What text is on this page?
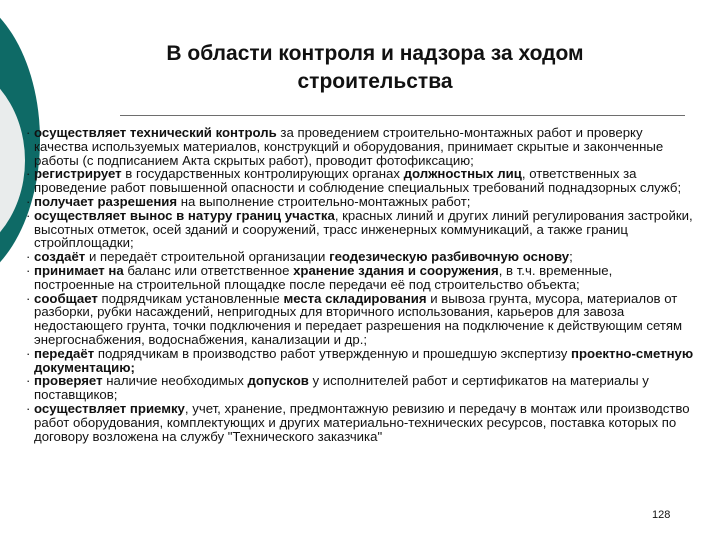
В области контроля и надзора за ходом строительства
· осуществляет технический контроль за проведением строительно-монтажных работ и проверку качества используемых материалов, конструкций и оборудования, принимает скрытые и законченные работы (с подписанием Акта скрытых работ), проводит фотофиксацию;
· регистрирует в государственных контролирующих органах должностных лиц, ответственных за проведение работ повышенной опасности и соблюдение специальных требований поднадзорных служб;
· получает разрешения на выполнение строительно-монтажных работ;
· осуществляет вынос в натуру границ участка, красных линий и других линий регулирования застройки, высотных отметок, осей зданий и сооружений, трасс инженерных коммуникаций, а также границ стройплощадки;
· создаёт и передаёт строительной организации геодезическую разбивочную основу;
· принимает на баланс или ответственное хранение здания и сооружения, в т.ч. временные, построенные на строительной площадке после передачи её под строительство объекта;
· сообщает подрядчикам установленные места складирования и вывоза грунта, мусора, материалов от разборки, рубки насаждений, непригодных для вторичного использования, карьеров для завоза недостающего грунта, точки подключения и передает разрешения на подключение к действующим сетям энергоснабжения, водоснабжения, канализации и др.;
· передаёт подрядчикам в производство работ утвержденную и прошедшую экспертизу проектно-сметную документацию;
· проверяет наличие необходимых допусков у исполнителей работ и сертификатов на материалы у поставщиков;
· осуществляет приемку, учет, хранение, предмонтажную ревизию и передачу в монтаж или производство работ оборудования, комплектующих и других материально-технических ресурсов, поставка которых по договору возложена на службу "Технического заказчика"
128
